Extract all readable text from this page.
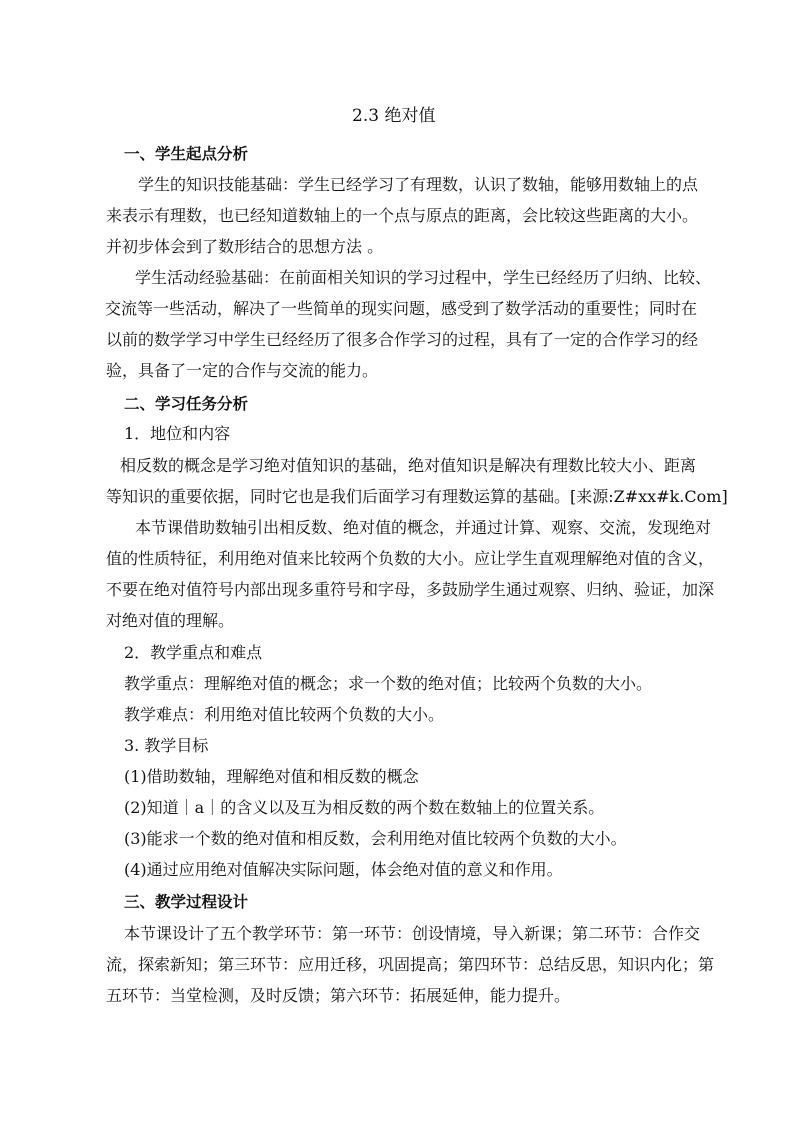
2.3 绝对值
一、学生起点分析
学生的知识技能基础：学生已经学习了有理数，认识了数轴，能够用数轴上的点
来表示有理数，也已经知道数轴上的一个点与原点的距离，会比较这些距离的大小。
并初步体会到了数形结合的思想方法 。
学生活动经验基础：在前面相关知识的学习过程中，学生已经经历了归纳、比较、
交流等一些活动，解决了一些简单的现实问题，感受到了数学活动的重要性；同时在
以前的数学学习中学生已经经历了很多合作学习的过程，具有了一定的合作学习的经
验，具备了一定的合作与交流的能力。
二、学习任务分析
1．地位和内容
相反数的概念是学习绝对值知识的基础，绝对值知识是解决有理数比较大小、距离
等知识的重要依据，同时它也是我们后面学习有理数运算的基础。[来源:Z#xx#k.Com]
本节课借助数轴引出相反数、绝对值的概念，并通过计算、观察、交流，发现绝对
值的性质特征，利用绝对值来比较两个负数的大小。应让学生直观理解绝对值的含义，
不要在绝对值符号内部出现多重符号和字母，多鼓励学生通过观察、归纳、验证，加深
对绝对值的理解。
2．教学重点和难点
教学重点：理解绝对值的概念；求一个数的绝对值；比较两个负数的大小。
教学难点：利用绝对值比较两个负数的大小。
3. 教学目标
(1)借助数轴，理解绝对值和相反数的概念
(2)知道｜a｜的含义以及互为相反数的两个数在数轴上的位置关系。
(3)能求一个数的绝对值和相反数，会利用绝对值比较两个负数的大小。
(4)通过应用绝对值解决实际问题，体会绝对值的意义和作用。
三、教学过程设计
本节课设计了五个教学环节：第一环节：创设情境，导入新课；第二环节：合作交
流，探索新知；第三环节：应用迁移，巩固提高；第四环节：总结反思，知识内化；第
五环节：当堂检测，及时反馈；第六环节：拓展延伸，能力提升。
